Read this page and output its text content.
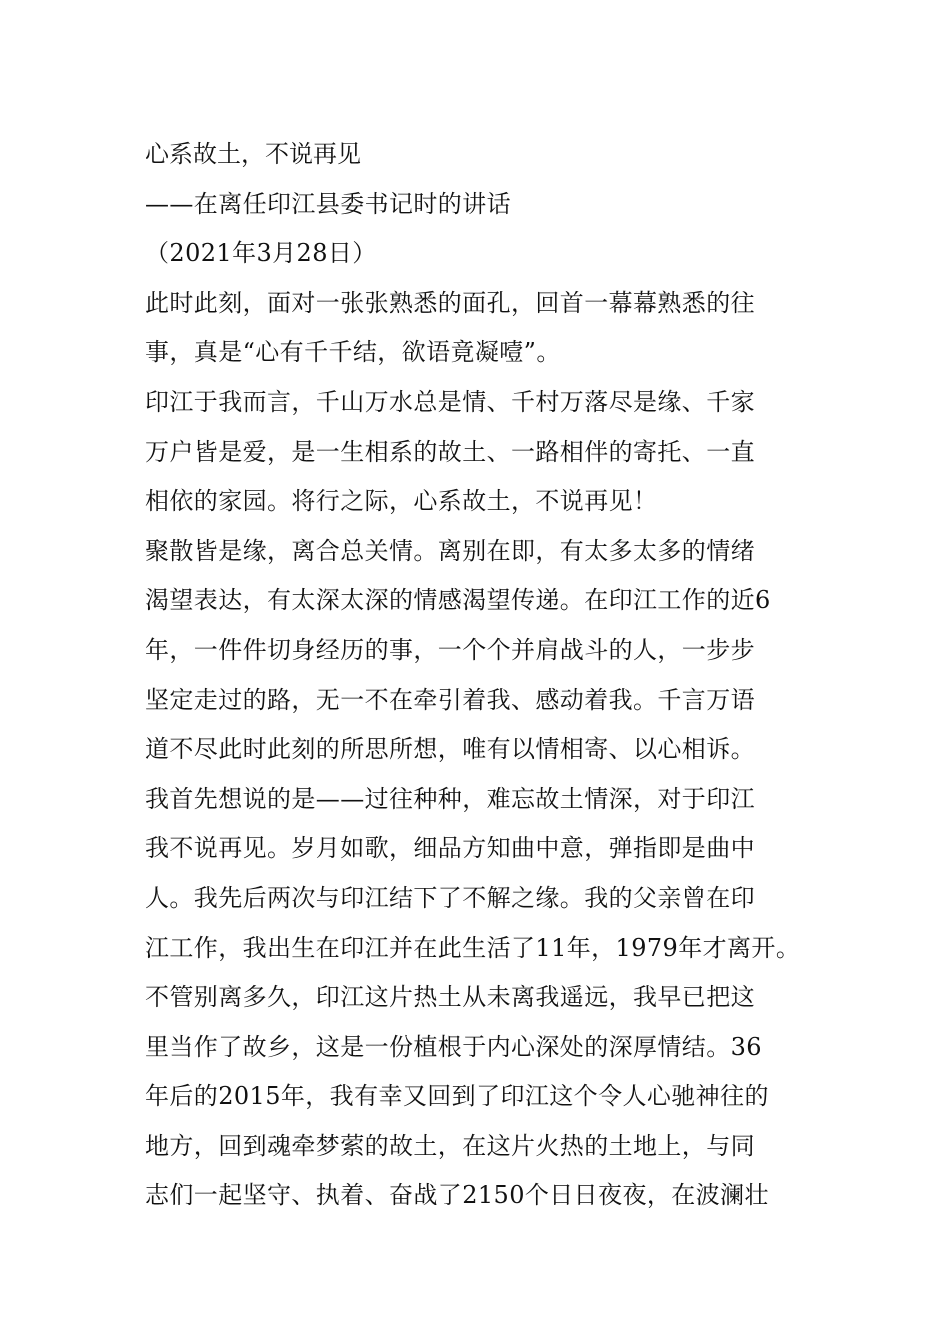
心系故土，不说再见
——在离任印江县委书记时的讲话
（2021年3月28日）
此时此刻，面对一张张熟悉的面孔，回首一幕幕熟悉的往
事，真是“心有千千结，欲语竟凝噎”。
印江于我而言，千山万水总是情、千村万落尽是缘、千家
万户皆是爱，是一生相系的故土、一路相伴的寄托、一直
相依的家园。将行之际，心系故土，不说再见！
聚散皆是缘，离合总关情。离别在即，有太多太多的情绪
渴望表达，有太深太深的情感渴望传递。在印江工作的近6
年，一件件切身经历的事，一个个并肩战斗的人，一步步
坚定走过的路，无一不在牵引着我、感动着我。千言万语
道不尽此时此刻的所思所想，唯有以情相寄、以心相诉。
我首先想说的是——过往种种，难忘故土情深，对于印江
我不说再见。岁月如歌，细品方知曲中意，弹指即是曲中
人。我先后两次与印江结下了不解之缘。我的父亲曾在印
江工作，我出生在印江并在此生活了11年，1979年才离开。
不管别离多久，印江这片热土从未离我遥远，我早已把这
里当作了故乡，这是一份植根于内心深处的深厚情结。36
年后的2015年，我有幸又回到了印江这个令人心驰神往的
地方，回到魂牵梦萦的故土，在这片火热的土地上，与同
志们一起坚守、执着、奋战了2150个日日夜夜，在波澜壮
